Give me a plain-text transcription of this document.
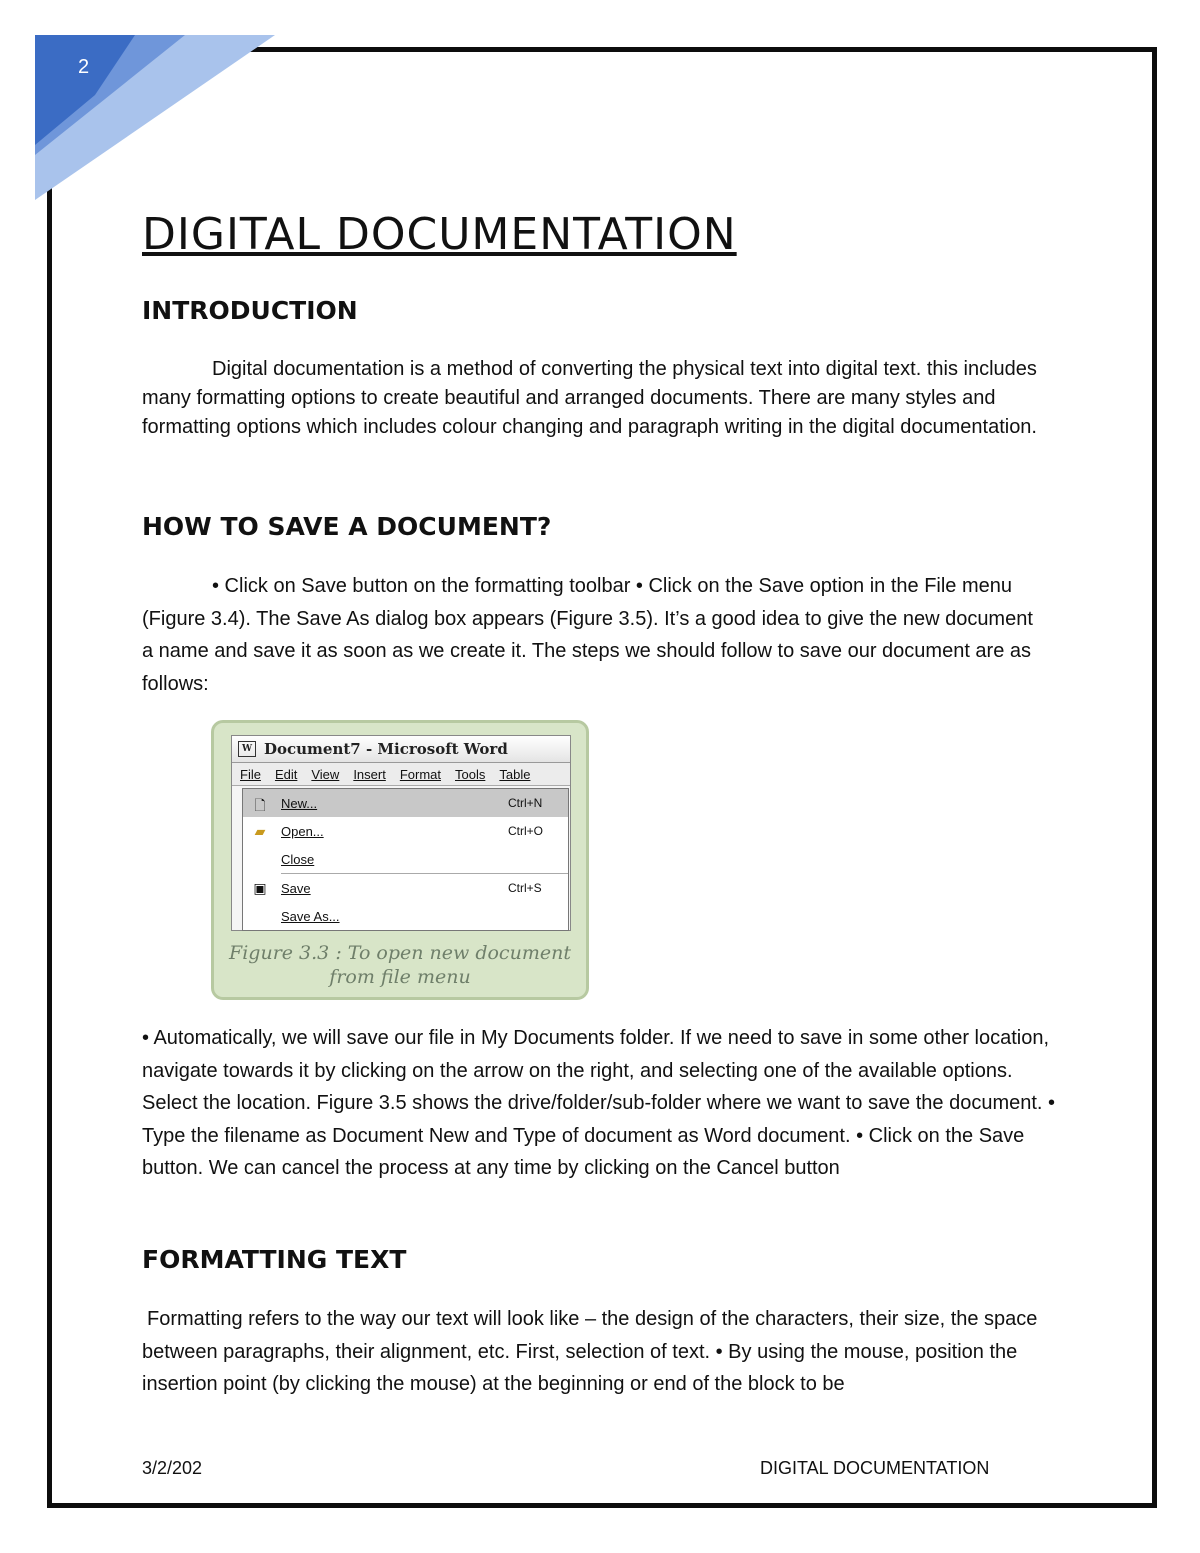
2
DIGITAL DOCUMENTATION
INTRODUCTION

Digital documentation is a method of converting the physical text into digital text. this includes many formatting options to create beautiful and arranged documents. There are many styles and formatting options which includes colour changing and paragraph writing in the digital documentation.

HOW TO SAVE A DOCUMENT?

• Click on Save button on the formatting toolbar • Click on the Save option in the File menu (Figure 3.4). The Save As dialog box appears (Figure 3.5). It’s a good idea to give the new document a name and save it as soon as we create it. The steps we should follow to save our document are as follows:

W Document7 - Microsoft Word
File Edit View Insert Format Tools Table
🗋	New...	Ctrl+N
▰	Open...	Ctrl+O
Close
▣	Save	Ctrl+S
Save As...
Figure 3.3 : To open new document
from file menu

• Automatically, we will save our file in My Documents folder. If we need to save in some other location, navigate towards it by clicking on the arrow on the right, and selecting one of the available options. Select the location. Figure 3.5 shows the drive/folder/sub-folder where we want to save the document. • Type the filename as Document New and Type of document as Word document. • Click on the Save button. We can cancel the process at any time by clicking on the Cancel button

FORMATTING TEXT

Formatting refers to the way our text will look like – the design of the characters, their size, the space between paragraphs, their alignment, etc. First, selection of text. • By using the mouse, position the insertion point (by clicking the mouse) at the beginning or end of the block to be

3/2/202	DIGITAL DOCUMENTATION
